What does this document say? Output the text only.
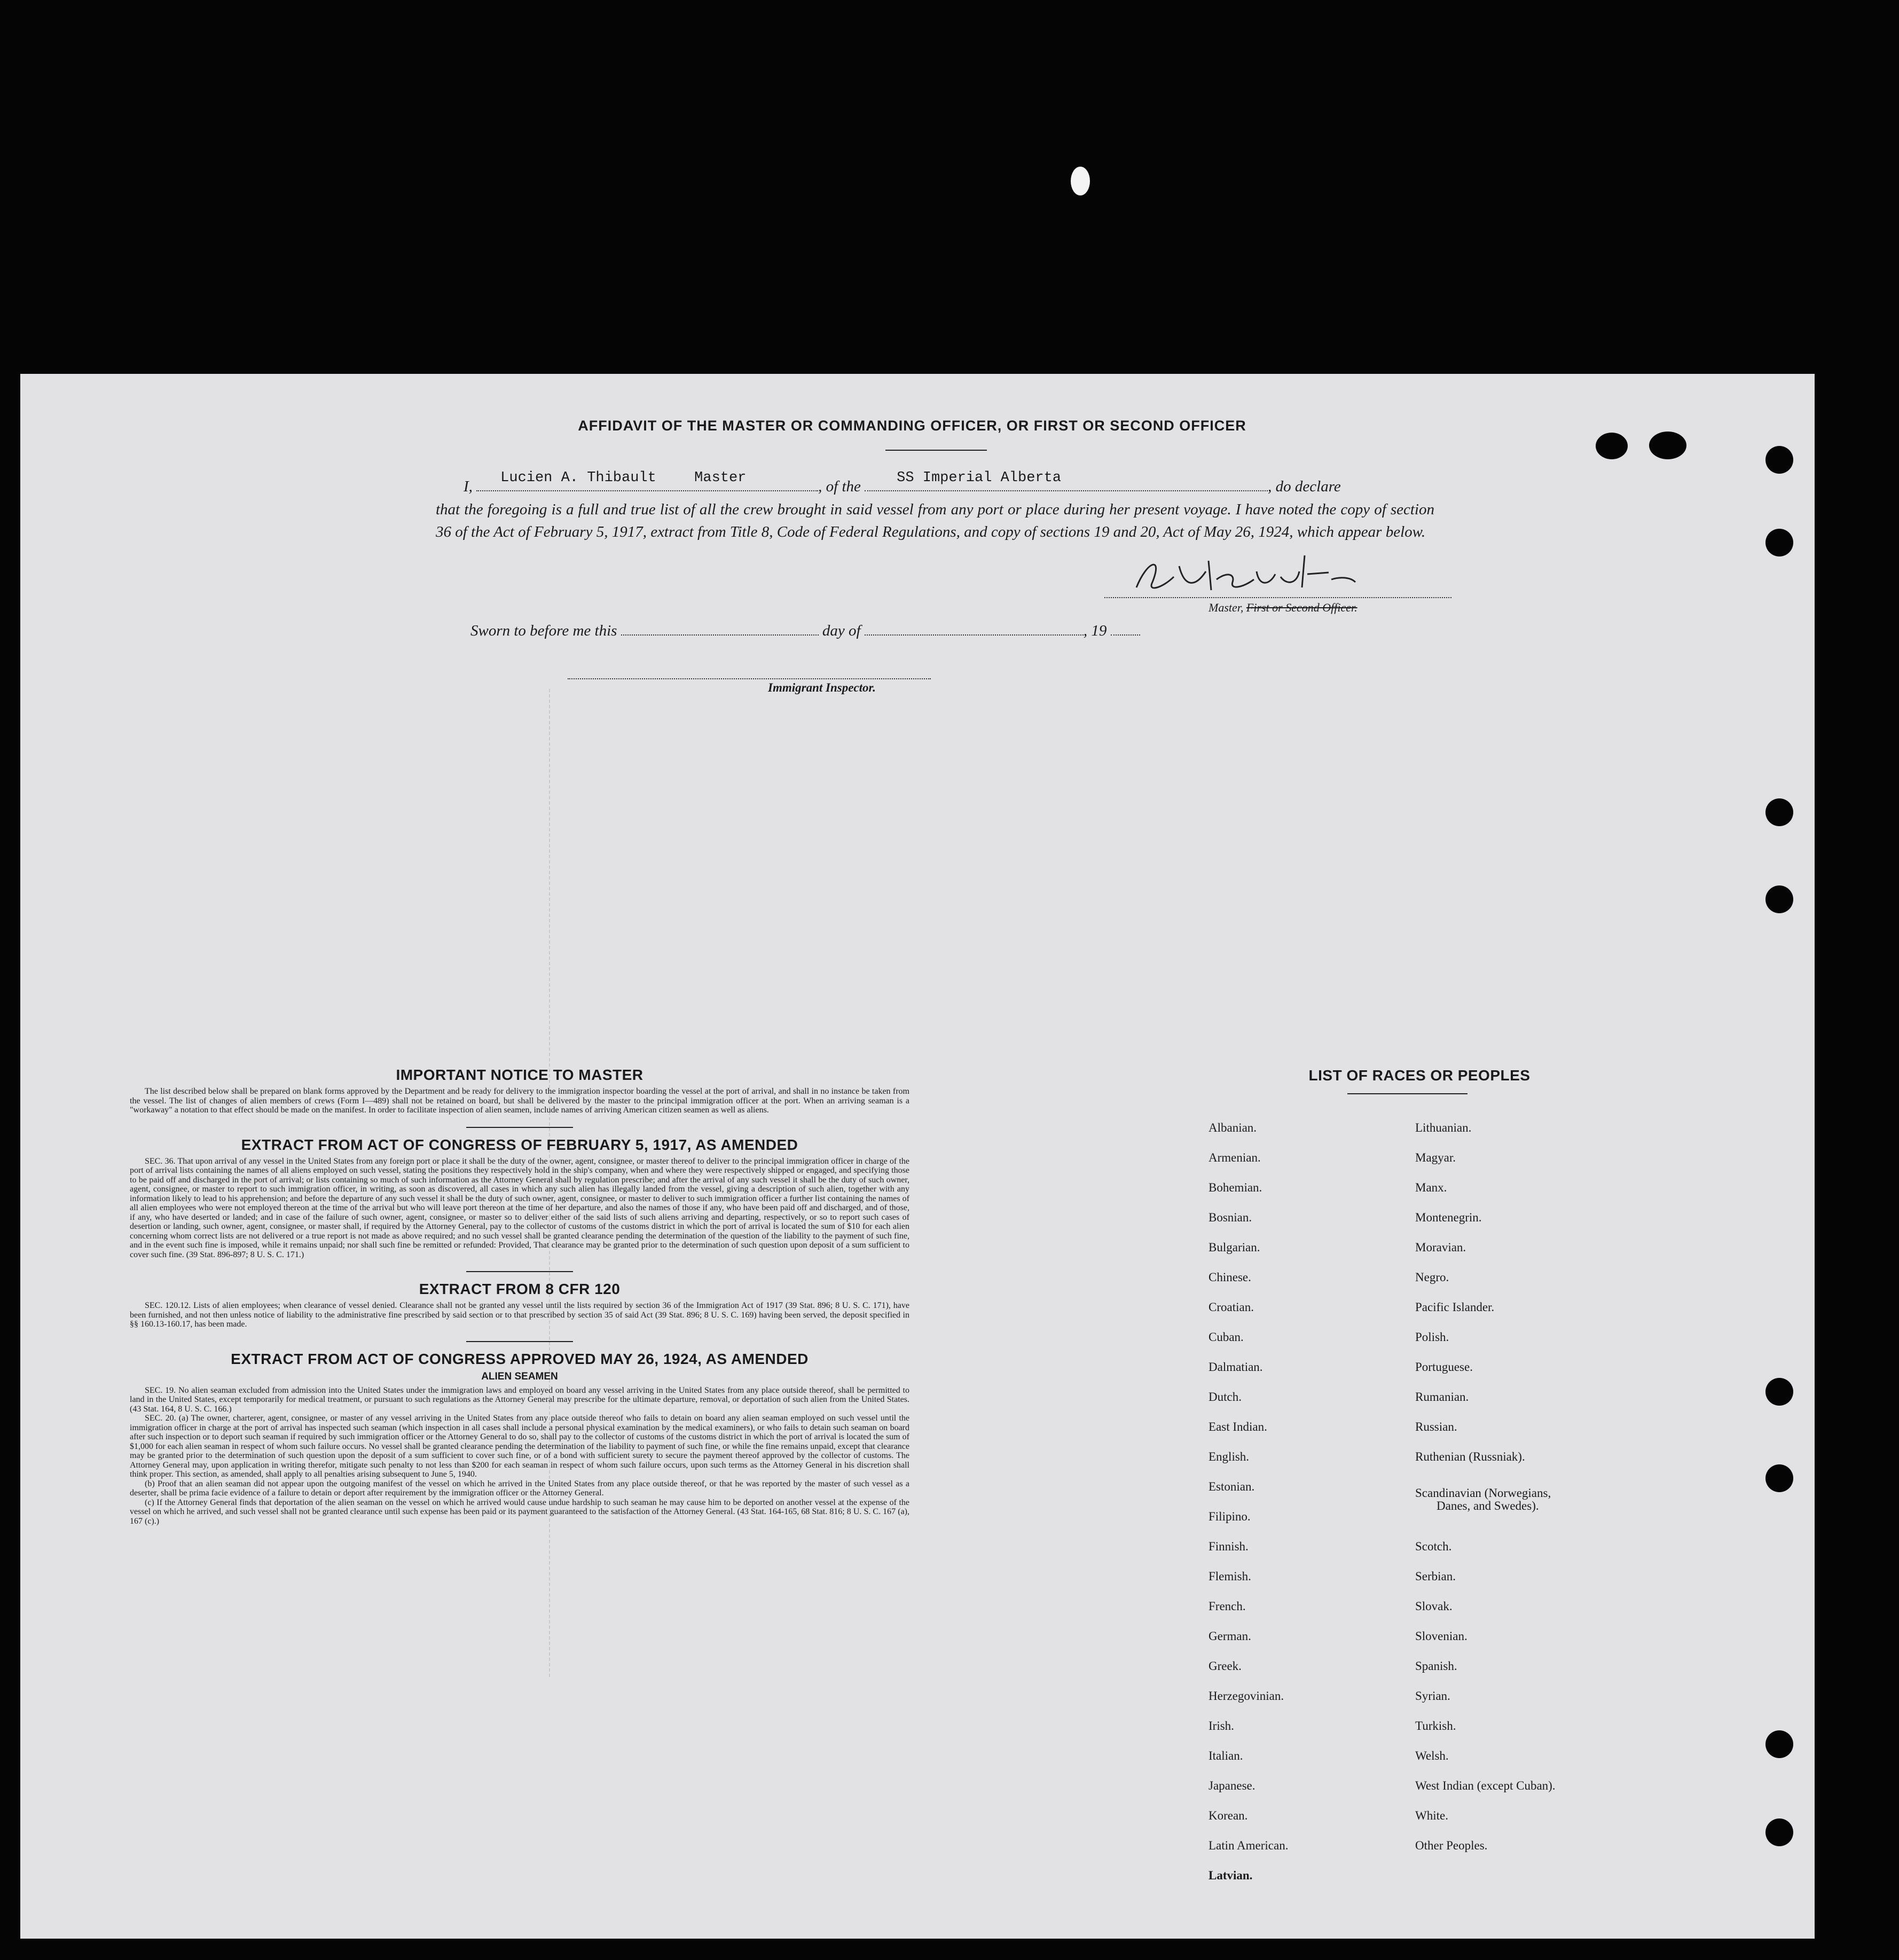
AFFIDAVIT OF THE MASTER OR COMMANDING OFFICER, OR FIRST OR SECOND OFFICER
I, Lucien A. Thibault	Master	, of the SS Imperial Alberta	, do declare
that the foregoing is a full and true list of all the crew brought in said vessel from any port or place during her present voyage. I have noted the copy of section 36 of the Act of February 5, 1917, extract from Title 8, Code of Federal Regulations, and copy of sections 19 and 20, Act of May 26, 1924, which appear below.
Master, First or Second Officer.
Sworn to before me this	day of	, 19
Immigrant Inspector.
IMPORTANT NOTICE TO MASTER
The list described below shall be prepared on blank forms approved by the Department and be ready for delivery to the immigration inspector boarding the vessel at the port of arrival, and shall in no instance be taken from the vessel. The list of changes of alien members of crews (Form I—489) shall not be retained on board, but shall be delivered by the master to the principal immigration officer at the port. When an arriving seaman is a "workaway" a notation to that effect should be made on the manifest. In order to facilitate inspection of alien seamen, include names of arriving American citizen seamen as well as aliens.
EXTRACT FROM ACT OF CONGRESS OF FEBRUARY 5, 1917, AS AMENDED
SEC. 36. That upon arrival of any vessel in the United States from any foreign port or place it shall be the duty of the owner, agent, consignee, or master thereof to deliver to the principal immigration officer in charge of the port of arrival lists containing the names of all aliens employed on such vessel, stating the positions they respectively hold in the ship's company, when and where they were respectively shipped or engaged, and specifying those to be paid off and discharged in the port of arrival; or lists containing so much of such information as the Attorney General shall by regulation prescribe; and after the arrival of any such vessel it shall be the duty of such owner, agent, consignee, or master to report to such immigration officer, in writing, as soon as discovered, all cases in which any such alien has illegally landed from the vessel, giving a description of such alien, together with any information likely to lead to his apprehension; and before the departure of any such vessel it shall be the duty of such owner, agent, consignee, or master to deliver to such immigration officer a further list containing the names of all alien employees who were not employed thereon at the time of the arrival but who will leave port thereon at the time of her departure, and also the names of those if any, who have been paid off and discharged, and of those, if any, who have deserted or landed; and in case of the failure of such owner, agent, consignee, or master so to deliver either of the said lists of such aliens arriving and departing, respectively, or so to report such cases of desertion or landing, such owner, agent, consignee, or master shall, if required by the Attorney General, pay to the collector of customs of the customs district in which the port of arrival is located the sum of $10 for each alien concerning whom correct lists are not delivered or a true report is not made as above required; and no such vessel shall be granted clearance pending the determination of the question of the liability to the payment of such fine, and in the event such fine is imposed, while it remains unpaid; nor shall such fine be remitted or refunded: Provided, That clearance may be granted prior to the determination of such question upon deposit of a sum sufficient to cover such fine. (39 Stat. 896-897; 8 U. S. C. 171.)
EXTRACT FROM 8 CFR 120
SEC. 120.12. Lists of alien employees; when clearance of vessel denied. Clearance shall not be granted any vessel until the lists required by section 36 of the Immigration Act of 1917 (39 Stat. 896; 8 U. S. C. 171), have been furnished, and not then unless notice of liability to the administrative fine prescribed by said section or to that prescribed by section 35 of said Act (39 Stat. 896; 8 U. S. C. 169) having been served, the deposit specified in §§ 160.13-160.17, has been made.
EXTRACT FROM ACT OF CONGRESS APPROVED MAY 26, 1924, AS AMENDED
ALIEN SEAMEN

SEC. 19. No alien seaman excluded from admission into the United States under the immigration laws and employed on board any vessel arriving in the United States from any place outside thereof, shall be permitted to land in the United States, except temporarily for medical treatment, or pursuant to such regulations as the Attorney General may prescribe for the ultimate departure, removal, or deportation of such alien from the United States. (43 Stat. 164, 8 U. S. C. 166.)

SEC. 20. (a) The owner, charterer, agent, consignee, or master of any vessel arriving in the United States from any place outside thereof who fails to detain on board any alien seaman employed on such vessel until the immigration officer in charge at the port of arrival has inspected such seaman (which inspection in all cases shall include a personal physical examination by the medical examiners), or who fails to detain such seaman on board after such inspection or to deport such seaman if required by such immigration officer or the Attorney General to do so, shall pay to the collector of customs of the customs district in which the port of arrival is located the sum of $1,000 for each alien seaman in respect of whom such failure occurs. No vessel shall be granted clearance pending the determination of the liability to payment of such fine, or while the fine remains unpaid, except that clearance may be granted prior to the determination of such question upon the deposit of a sum sufficient to cover such fine, or of a bond with sufficient surety to secure the payment thereof approved by the collector of customs. The Attorney General may, upon application in writing therefor, mitigate such penalty to not less than $200 for each seaman in respect of whom such failure occurs, upon such terms as the Attorney General in his discretion shall think proper. This section, as amended, shall apply to all penalties arising subsequent to June 5, 1940.

(b) Proof that an alien seaman did not appear upon the outgoing manifest of the vessel on which he arrived in the United States from any place outside thereof, or that he was reported by the master of such vessel as a deserter, shall be prima facie evidence of a failure to detain or deport after requirement by the immigration officer or the Attorney General.

(c) If the Attorney General finds that deportation of the alien seaman on the vessel on which he arrived would cause undue hardship to such seaman he may cause him to be deported on another vessel at the expense of the vessel on which he arrived, and such vessel shall not be granted clearance until such expense has been paid or its payment guaranteed to the satisfaction of the Attorney General. (43 Stat. 164-165, 68 Stat. 816; 8 U. S. C. 167 (a), 167 (c).)

LIST OF RACES OR PEOPLES
Albanian.
Armenian.
Bohemian.
Bosnian.
Bulgarian.
Chinese.
Croatian.
Cuban.
Dalmatian.
Dutch.
East Indian.
English.
Estonian.
Filipino.
Finnish.
Flemish.
French.
German.
Greek.
Herzegovinian.
Irish.
Italian.
Japanese.
Korean.
Latin American.
Latvian.
Lithuanian.
Magyar.
Manx.
Montenegrin.
Moravian.
Negro.
Pacific Islander.
Polish.
Portuguese.
Rumanian.
Russian.
Ruthenian (Russniak).
Scandinavian (Norwegians,
Danes, and Swedes).
Scotch.
Serbian.
Slovak.
Slovenian.
Spanish.
Syrian.
Turkish.
Welsh.
West Indian (except Cuban).
White.
Other Peoples.
